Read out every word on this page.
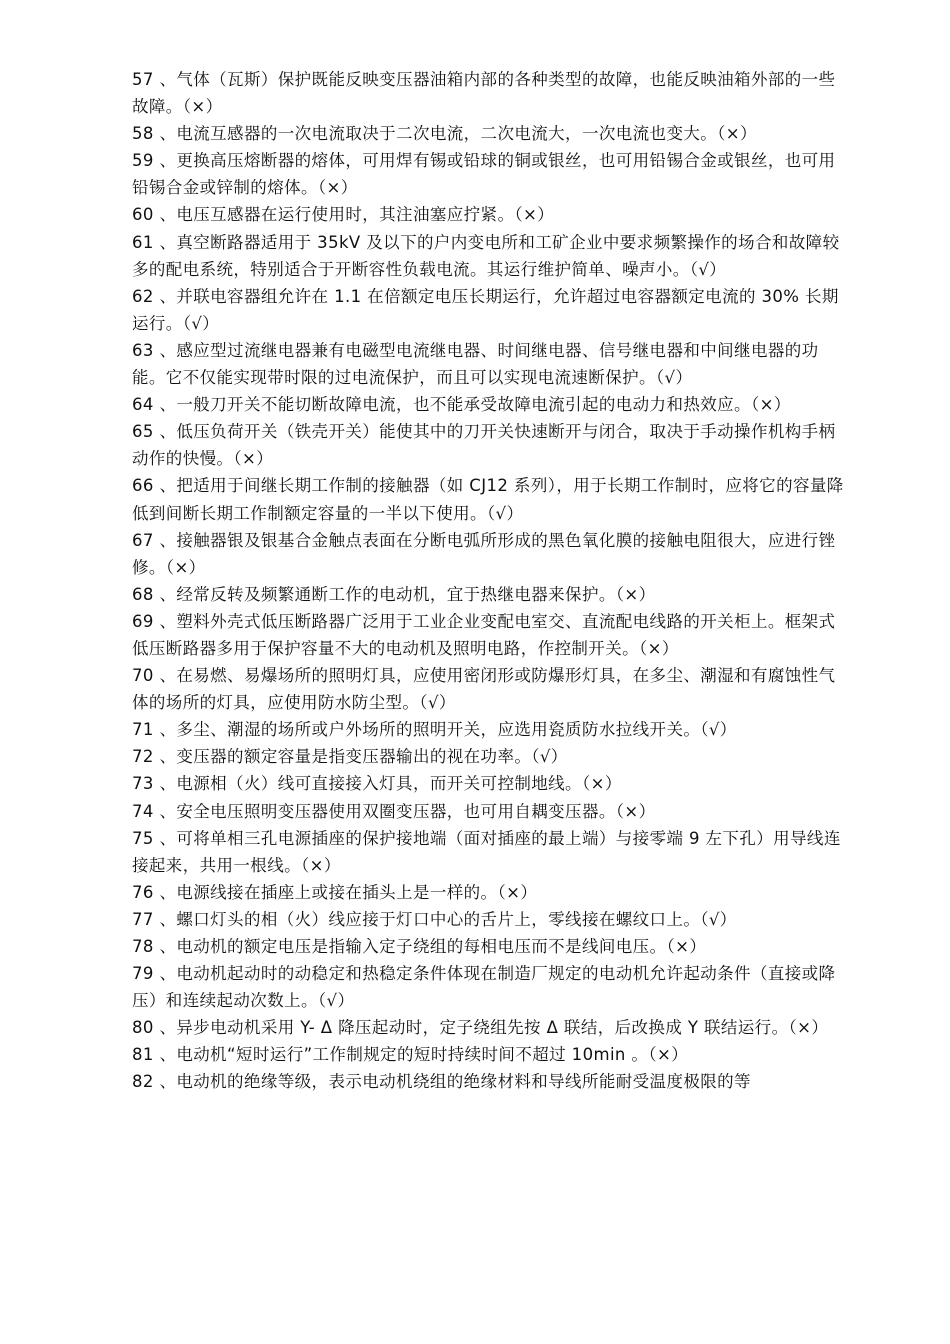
57 、气体（瓦斯）保护既能反映变压器油箱内部的各种类型的故障，也能反映油箱外部的一些故障。（×）

58 、电流互感器的一次电流取决于二次电流，二次电流大，一次电流也变大。（×）

59 、更换高压熔断器的熔体，可用焊有锡或铅球的铜或银丝，也可用铅锡合金或银丝，也可用铅锡合金或锌制的熔体。（×）

60 、电压互感器在运行使用时，其注油塞应拧紧。（×）

61 、真空断路器适用于 35kV 及以下的户内变电所和工矿企业中要求频繁操作的场合和故障较多的配电系统，特别适合于开断容性负载电流。其运行维护简单、噪声小。（√）

62 、并联电容器组允许在 1.1 在倍额定电压长期运行，允许超过电容器额定电流的 30% 长期运行。（√）

63 、感应型过流继电器兼有电磁型电流继电器、时间继电器、信号继电器和中间继电器的功能。它不仅能实现带时限的过电流保护，而且可以实现电流速断保护。（√）

64 、一般刀开关不能切断故障电流，也不能承受故障电流引起的电动力和热效应。（×）

65 、低压负荷开关（铁壳开关）能使其中的刀开关快速断开与闭合，取决于手动操作机构手柄动作的快慢。（×）

66 、把适用于间继长期工作制的接触器（如 CJ12 系列），用于长期工作制时，应将它的容量降低到间断长期工作制额定容量的一半以下使用。（√）

67 、接触器银及银基合金触点表面在分断电弧所形成的黑色氧化膜的接触电阻很大，应进行锉修。（×）

68 、经常反转及频繁通断工作的电动机，宜于热继电器来保护。（×）

69 、塑料外壳式低压断路器广泛用于工业企业变配电室交、直流配电线路的开关柜上。框架式低压断路器多用于保护容量不大的电动机及照明电路，作控制开关。（×）

70 、在易燃、易爆场所的照明灯具，应使用密闭形或防爆形灯具，在多尘、潮湿和有腐蚀性气体的场所的灯具，应使用防水防尘型。（√）

71 、多尘、潮湿的场所或户外场所的照明开关，应选用瓷质防水拉线开关。（√）

72 、变压器的额定容量是指变压器输出的视在功率。（√）

73 、电源相（火）线可直接接入灯具，而开关可控制地线。（×）

74 、安全电压照明变压器使用双圈变压器，也可用自耦变压器。（×）

75 、可将单相三孔电源插座的保护接地端（面对插座的最上端）与接零端 9 左下孔）用导线连接起来，共用一根线。（×）

76 、电源线接在插座上或接在插头上是一样的。（×）

77 、螺口灯头的相（火）线应接于灯口中心的舌片上，零线接在螺纹口上。（√）

78 、电动机的额定电压是指输入定子绕组的每相电压而不是线间电压。（×）

79 、电动机起动时的动稳定和热稳定条件体现在制造厂规定的电动机允许起动条件（直接或降压）和连续起动次数上。（√）

80 、异步电动机采用 Y- Δ 降压起动时，定子绕组先按 Δ 联结，后改换成 Y 联结运行。（×）

81 、电动机“短时运行”工作制规定的短时持续时间不超过 10min 。（×）

82 、电动机的绝缘等级，表示电动机绕组的绝缘材料和导线所能耐受温度极限的等
